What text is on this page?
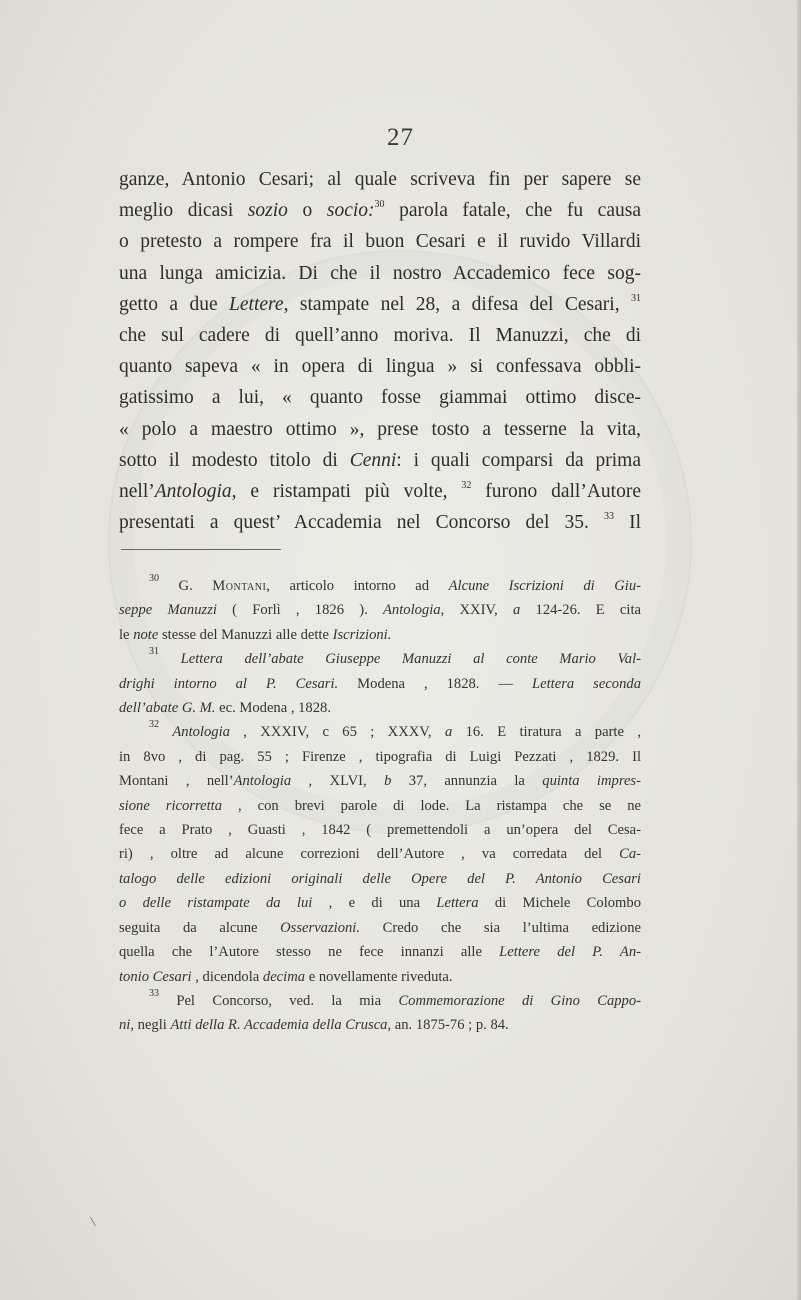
27
ganze, Antonio Cesari; al quale scriveva fin per sapere se
meglio dicasi sozio o socio:$^{30}$ parola fatale, che fu causa
o pretesto a rompere fra il buon Cesari e il ruvido Villardi
una lunga amicizia. Di che il nostro Accademico fece sog-
getto a due Lettere, stampate nel 28, a difesa del Cesari, $^{31}$
che sul cadere di quell’anno moriva. Il Manuzzi, che di
quanto sapeva « in opera di lingua » si confessava obbli-
gatissimo a lui, « quanto fosse giammai ottimo disce-
« polo a maestro ottimo », prese tosto a tesserne la vita,
sotto il modesto titolo di Cenni: i quali comparsi da prima
nell’Antologia, e ristampati più volte, $^{32}$ furono dall’Autore
presentati a quest’ Accademia nel Concorso del 35. $^{33}$ Il
$^{30}$ G. Montani, articolo intorno ad Alcune Iscrizioni di Giu-
seppe Manuzzi ( Forlì , 1826 ). Antologia, XXIV, a 124-26. E cita
le note stesse del Manuzzi alle dette Iscrizioni.
$^{31}$ Lettera dell’abate Giuseppe Manuzzi al conte Mario Val-
drighi intorno al P. Cesari. Modena , 1828. — Lettera seconda
dell’abate G. M. ec. Modena , 1828.
$^{32}$ Antologia , XXXIV, c 65 ; XXXV, a 16. E tiratura a parte ,
in 8vo , di pag. 55 ; Firenze , tipografia di Luigi Pezzati , 1829. Il
Montani , nell’Antologia , XLVI, b 37, annunzia la quinta impres-
sione ricorretta , con brevi parole di lode. La ristampa che se ne
fece a Prato , Guasti , 1842 ( premettendoli a un’opera del Cesa-
ri) , oltre ad alcune correzioni dell’Autore , va corredata del Ca-
talogo delle edizioni originali delle Opere del P. Antonio Cesari
o delle ristampate da lui , e di una Lettera di Michele Colombo
seguita da alcune Osservazioni. Credo che sia l’ultima edizione
quella che l’Autore stesso ne fece innanzi alle Lettere del P. An-
tonio Cesari , dicendola decima e novellamente riveduta.
$^{33}$ Pel Concorso, ved. la mia Commemorazione di Gino Cappo-
ni, negli Atti della R. Accademia della Crusca, an. 1875-76 ; p. 84.
